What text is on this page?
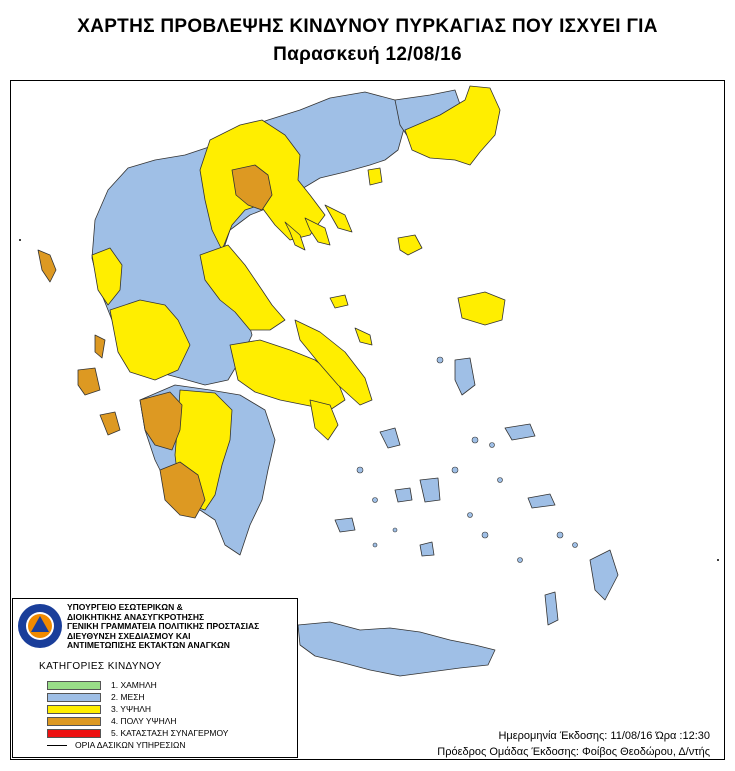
ΧΑΡΤΗΣ ΠΡΟΒΛΕΨΗΣ ΚΙΝΔΥΝΟΥ ΠΥΡΚΑΓΙΑΣ ΠΟΥ ΙΣΧΥΕΙ ΓΙΑ
Παρασκευή 12/08/16
ΥΠΟΥΡΓΕΙΟ ΕΣΩΤΕΡΙΚΩΝ &
ΔΙΟΙΚΗΤΙΚΗΣ ΑΝΑΣΥΓΚΡΟΤΗΣΗΣ
ΓΕΝΙΚΗ ΓΡΑΜΜΑΤΕΙΑ ΠΟΛΙΤΙΚΗΣ ΠΡΟΣΤΑΣΙΑΣ
ΔΙΕΥΘΥΝΣΗ ΣΧΕΔΙΑΣΜΟΥ ΚΑΙ
ΑΝΤΙΜΕΤΩΠΙΣΗΣ ΕΚΤΑΚΤΩΝ ΑΝΑΓΚΩΝ
ΚΑΤΗΓΟΡΙΕΣ ΚΙΝΔΥΝΟΥ
1. ΧΑΜΗΛΗ
2. ΜΕΣΗ
3. ΥΨΗΛΗ
4. ΠΟΛΥ ΥΨΗΛΗ
5. ΚΑΤΑΣΤΑΣΗ ΣΥΝΑΓΕΡΜΟΥ
ΟΡΙΑ ΔΑΣΙΚΩΝ ΥΠΗΡΕΣΙΩΝ
Ημερομηνία Έκδοσης: 11/08/16 Ώρα :12:30
Πρόεδρος Ομάδας Έκδοσης: Φοίβος Θεοδώρου, Δ/ντής
